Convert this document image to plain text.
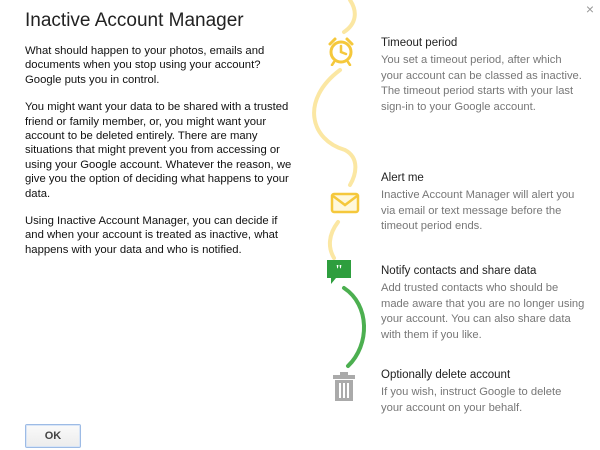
Inactive Account Manager
×

What should happen to your photos, emails and documents when you stop using your account? Google puts you in control.

You might want your data to be shared with a trusted friend or family member, or, you might want your account to be deleted entirely. There are many situations that might prevent you from accessing or using your Google account. Whatever the reason, we give you the option of deciding what happens to your data.

Using Inactive Account Manager, you can decide if and when your account is treated as inactive, what happens with your data and who is notified.

"
Timeout period
You set a timeout period, after which your account can be classed as inactive. The timeout period starts with your last sign-in to your Google account.
Alert me
Inactive Account Manager will alert you via email or text message before the timeout period ends.
Notify contacts and share data
Add trusted contacts who should be made aware that you are no longer using your account. You can also share data with them if you like.
Optionally delete account
If you wish, instruct Google to delete your account on your behalf.
OK
